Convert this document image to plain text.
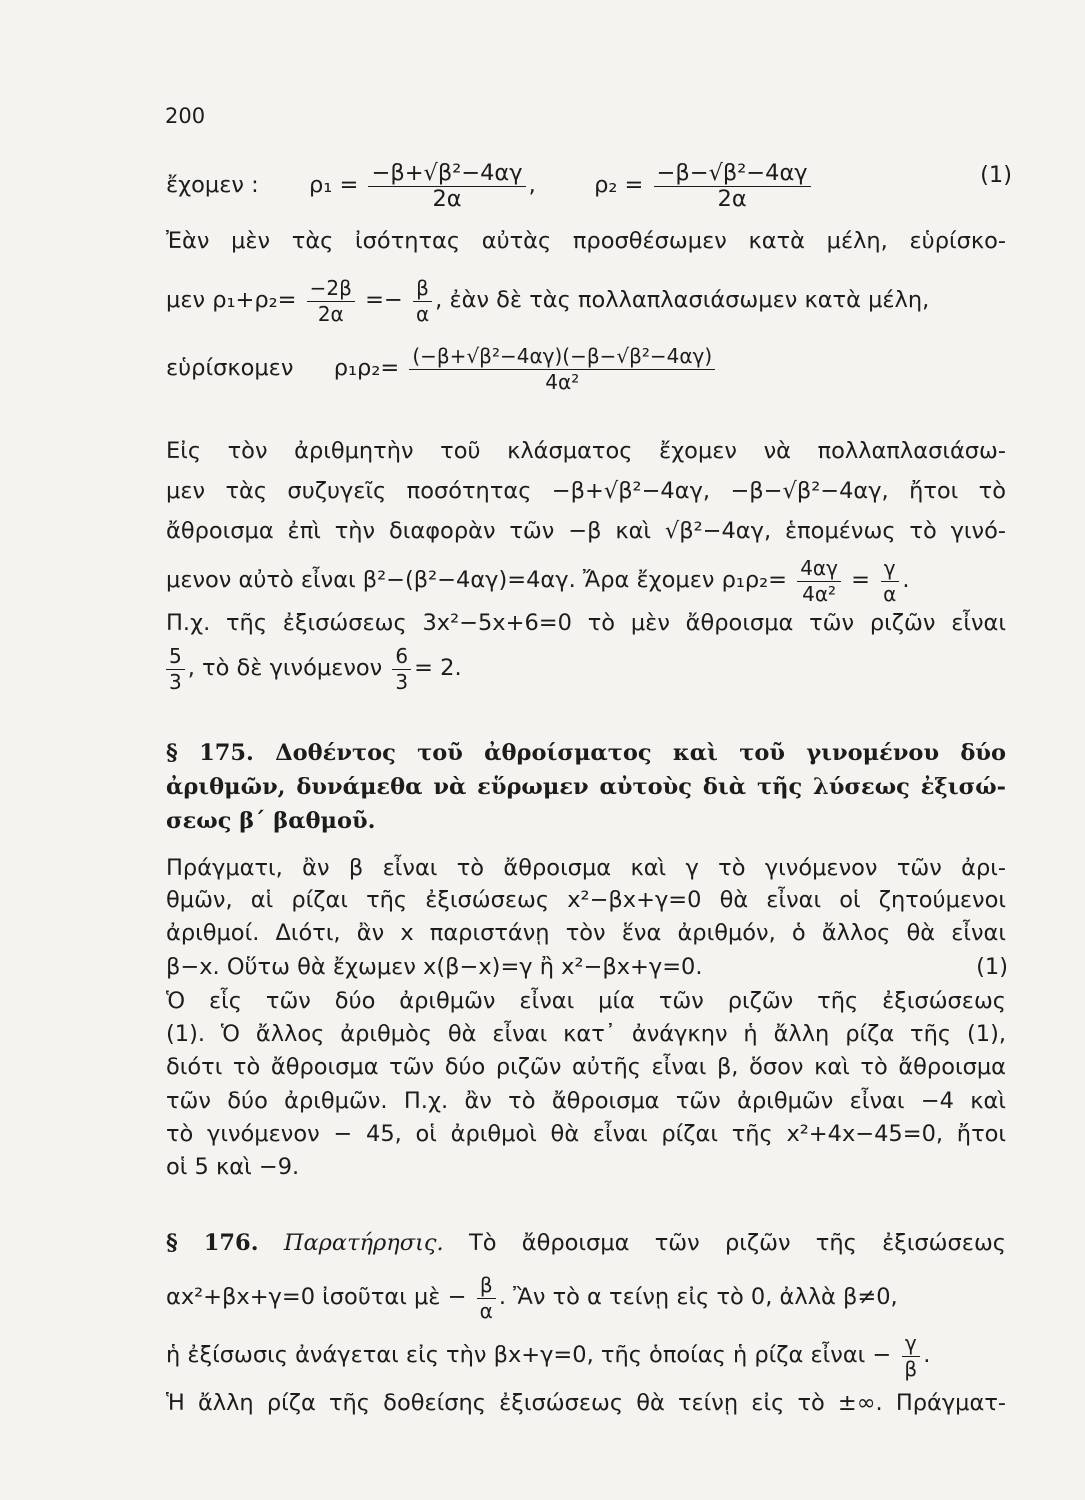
200
ἔχομεν : $\rho_1 = \frac{\text{−β+√β²−4αγ}}{2\alpha}$ ,	$\rho_2 = \frac{\text{−β−√β²−4αγ}}{2\alpha}$	(1)
Ἐὰν μὲν τὰς ἰσότητας αὐτὰς προσθέσωμεν κατὰ μέλη, εὑρίσκο-
μεν $\rho_1+\rho_2= \frac{-2\beta}{2\alpha} =- \frac{\beta}{\alpha}$ , ἐὰν δὲ τὰς πολλαπλασιάσωμεν κατὰ μέλη,
εὑρίσκομεν $\rho_1\rho_2= \frac{\text{(−β+√β²−4αγ)(−β−√β²−4αγ)}}{\text{4α²}}$
Εἰς τὸν ἀριθμητὴν τοῦ κλάσματος ἔχομεν νὰ πολλαπλασιάσω-
μεν τὰς συζυγεῖς ποσότητας −β+√β²−4αγ, −β−√β²−4αγ, ἤτοι τὸ
ἄθροισμα ἐπὶ τὴν διαφορὰν τῶν −β καὶ √β²−4αγ, ἑπομένως τὸ γινό-
μενον αὐτὸ εἶναι β²−(β²−4αγ)=4αγ. Ἄρα ἔχομεν $\rho_1\rho_2= \frac{4\alpha\gamma}{\text{4α²}} = \frac{\gamma}{\alpha}$ .
Π.χ. τῆς ἐξισώσεως 3x²−5x+6=0 τὸ μὲν ἄθροισμα τῶν ριζῶν εἶναι
$\frac{5}{3}$ , τὸ δὲ γινόμενον $\frac{6}{3} = 2$.
§ 175. Δοθέντος τοῦ ἀθροίσματος καὶ τοῦ γινομένου δύο
ἀριθμῶν, δυνάμεθα νὰ εὕρωμεν αὐτοὺς διὰ τῆς λύσεως ἐξισώ-
σεως β΄ βαθμοῦ.
Πράγματι, ἂν β εἶναι τὸ ἄθροισμα καὶ γ τὸ γινόμενον τῶν ἀρι-
θμῶν, αἱ ρίζαι τῆς ἐξισώσεως x²−βx+γ=0 θὰ εἶναι οἱ ζητούμενοι
ἀριθμοί. Διότι, ἂν x παριστάνῃ τὸν ἕνα ἀριθμόν, ὁ ἄλλος θὰ εἶναι
β−x. Οὕτω θὰ ἔχωμεν x(β−x)=γ ἢ x²−βx+γ=0.	(1)
Ὁ εἷς τῶν δύο ἀριθμῶν εἶναι μία τῶν ριζῶν τῆς ἐξισώσεως
(1). Ὁ ἄλλος ἀριθμὸς θὰ εἶναι κατ᾽ ἀνάγκην ἡ ἄλλη ρίζα τῆς (1),
διότι τὸ ἄθροισμα τῶν δύο ριζῶν αὐτῆς εἶναι β, ὅσον καὶ τὸ ἄθροισμα
τῶν δύο ἀριθμῶν. Π.χ. ἂν τὸ ἄθροισμα τῶν ἀριθμῶν εἶναι −4 καὶ
τὸ γινόμενον − 45, οἱ ἀριθμοὶ θὰ εἶναι ρίζαι τῆς x²+4x−45=0, ἤτοι
οἱ 5 καὶ −9.
§ 176. Παρατήρησις. Τὸ ἄθροισμα τῶν ριζῶν τῆς ἐξισώσεως
αx²+βx+γ=0 ἰσοῦται μὲ − $\frac{\beta}{\alpha}$ . Ἂν τὸ α τείνῃ εἰς τὸ 0, ἀλλὰ β≠0,
ἡ ἐξίσωσις ἀνάγεται εἰς τὴν βx+γ=0, τῆς ὁποίας ἡ ρίζα εἶναι − $\frac{\gamma}{\beta}$ .
Ἡ ἄλλη ρίζα τῆς δοθείσης ἐξισώσεως θὰ τείνῃ εἰς τὸ ±∞. Πράγματ-
